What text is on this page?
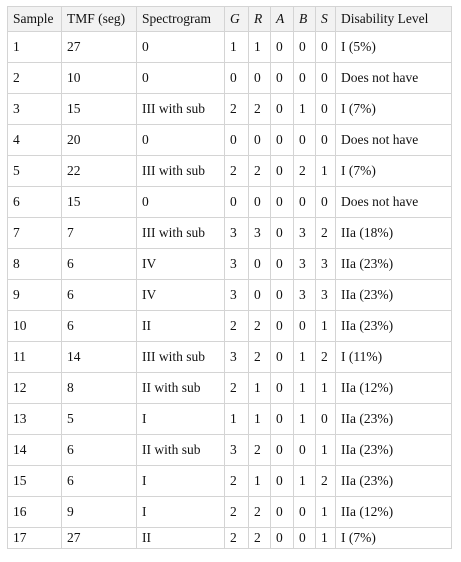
Sample	TMF (seg)	Spectrogram	G	R	A	B	S	Disability Level
1	27	0	1	1	0	0	0	I (5%)
2	10	0	0	0	0	0	0	Does not have
3	15	III with sub	2	2	0	1	0	I (7%)
4	20	0	0	0	0	0	0	Does not have
5	22	III with sub	2	2	0	2	1	I (7%)
6	15	0	0	0	0	0	0	Does not have
7	7	III with sub	3	3	0	3	2	IIa (18%)
8	6	IV	3	0	0	3	3	IIa (23%)
9	6	IV	3	0	0	3	3	IIa (23%)
10	6	II	2	2	0	0	1	IIa (23%)
11	14	III with sub	3	2	0	1	2	I (11%)
12	8	II with sub	2	1	0	1	1	IIa (12%)
13	5	I	1	1	0	1	0	IIa (23%)
14	6	II with sub	3	2	0	0	1	IIa (23%)
15	6	I	2	1	0	1	2	IIa (23%)
16	9	I	2	2	0	0	1	IIa (12%)
17	27	II	2	2	0	0	1	I (7%)
